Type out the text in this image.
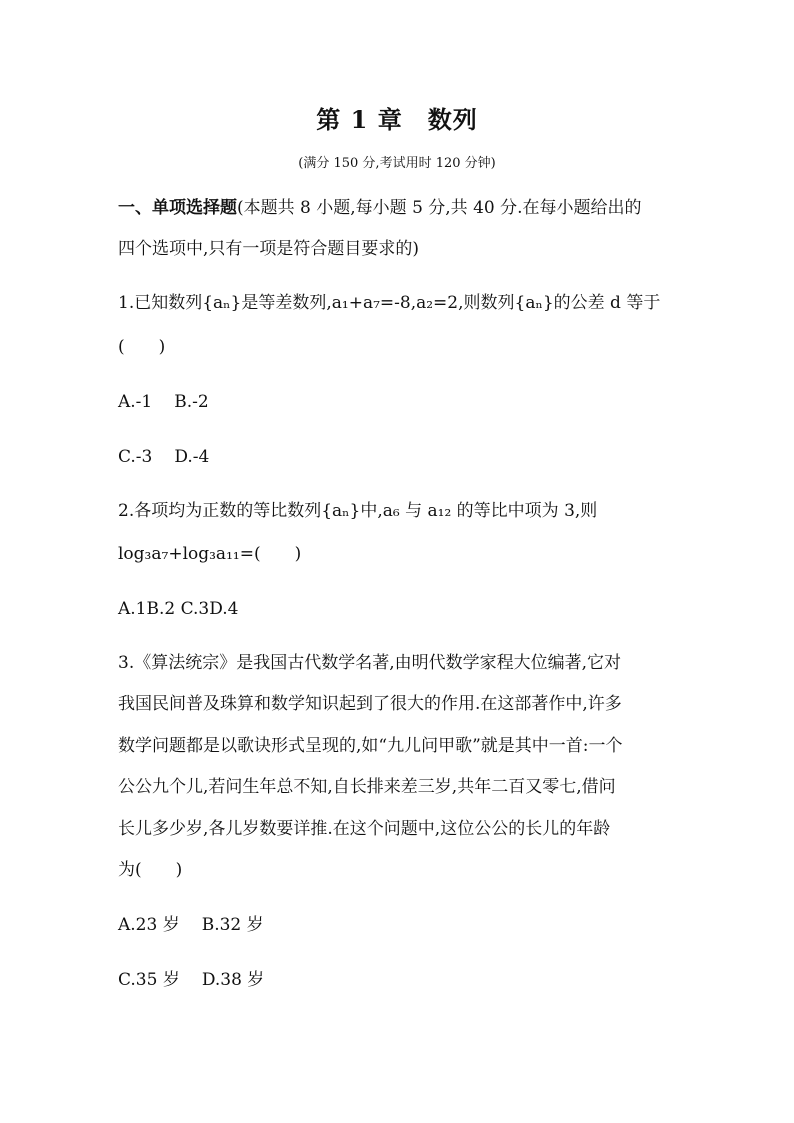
第 1 章　数列
(满分 150 分,考试用时 120 分钟)
一、单项选择题(本题共 8 小题,每小题 5 分,共 40 分.在每小题给出的
四个选项中,只有一项是符合题目要求的)
1.已知数列{aₙ}是等差数列,a₁+a₇=-8,a₂=2,则数列{aₙ}的公差 d 等于
(　　)
A.-1 B.-2
C.-3 D.-4
2.各项均为正数的等比数列{aₙ}中,a₆ 与 a₁₂ 的等比中项为 3,则
log₃a₇+log₃a₁₁=(　　)
A.1B.2 C.3D.4
3.《算法统宗》是我国古代数学名著,由明代数学家程大位编著,它对
我国民间普及珠算和数学知识起到了很大的作用.在这部著作中,许多
数学问题都是以歌诀形式呈现的,如“九儿问甲歌”就是其中一首:一个
公公九个儿,若问生年总不知,自长排来差三岁,共年二百又零七,借问
长儿多少岁,各儿岁数要详推.在这个问题中,这位公公的长儿的年龄
为(　　)
A.23 岁 B.32 岁
C.35 岁 D.38 岁
